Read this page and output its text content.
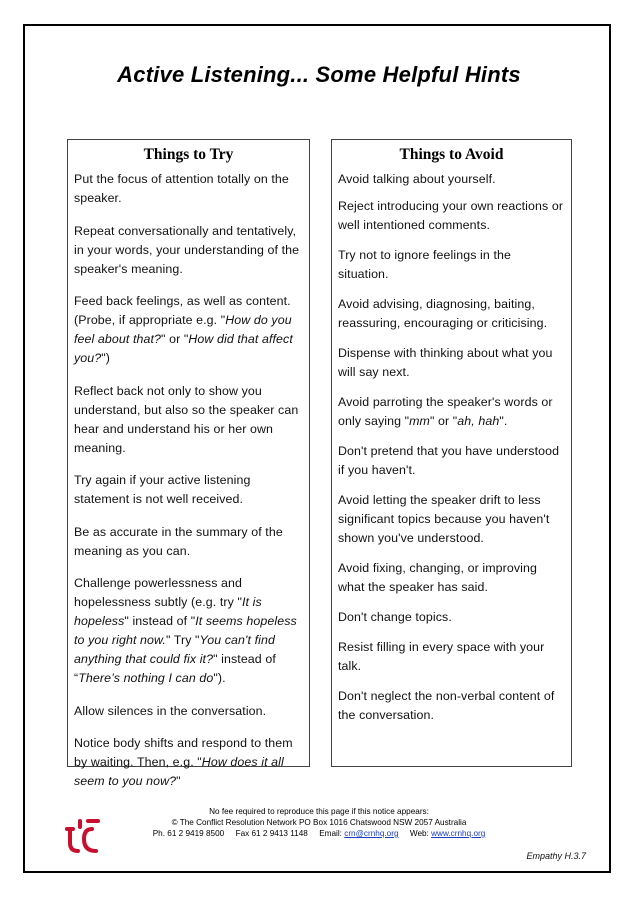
Active Listening... Some Helpful Hints
Things to Try

Put the focus of attention totally on the speaker.

Repeat conversationally and tentatively, in your words, your understanding of the speaker's meaning.

Feed back feelings, as well as content. (Probe, if appropriate e.g. "How do you feel about that?" or "How did that affect you?")

Reflect back not only to show you understand, but also so the speaker can hear and understand his or her own meaning.

Try again if your active listening statement is not well received.

Be as accurate in the summary of the meaning as you can.

Challenge powerlessness and hopelessness subtly (e.g. try "It is hopeless" instead of "It seems hopeless to you right now." Try "You can't find anything that could fix it?" instead of “There’s nothing I can do").

Allow silences in the conversation.

Notice body shifts and respond to them by waiting. Then, e.g. "How does it all seem to you now?"

Things to Avoid

Avoid talking about yourself.

Reject introducing your own reactions or well intentioned comments.

Try not to ignore feelings in the situation.

Avoid advising, diagnosing, baiting, reassuring, encouraging or criticising.

Dispense with thinking about what you will say next.

Avoid parroting the speaker's words or only saying "mm" or "ah, hah".

Don't pretend that you have understood if you haven't.

Avoid letting the speaker drift to less significant topics because you haven't shown you've understood.

Avoid fixing, changing, or improving what the speaker has said.

Don't change topics.

Resist filling in every space with your talk.

Don't neglect the non-verbal content of the conversation.

No fee required to reproduce this page if this notice appears:
© The Conflict Resolution Network PO Box 1016 Chatswood NSW 2057 Australia
Ph. 61 2 9419 8500 Fax 61 2 9413 1148 Email: crn@crnhq.org Web: www.crnhq.org
Empathy H.3.7
